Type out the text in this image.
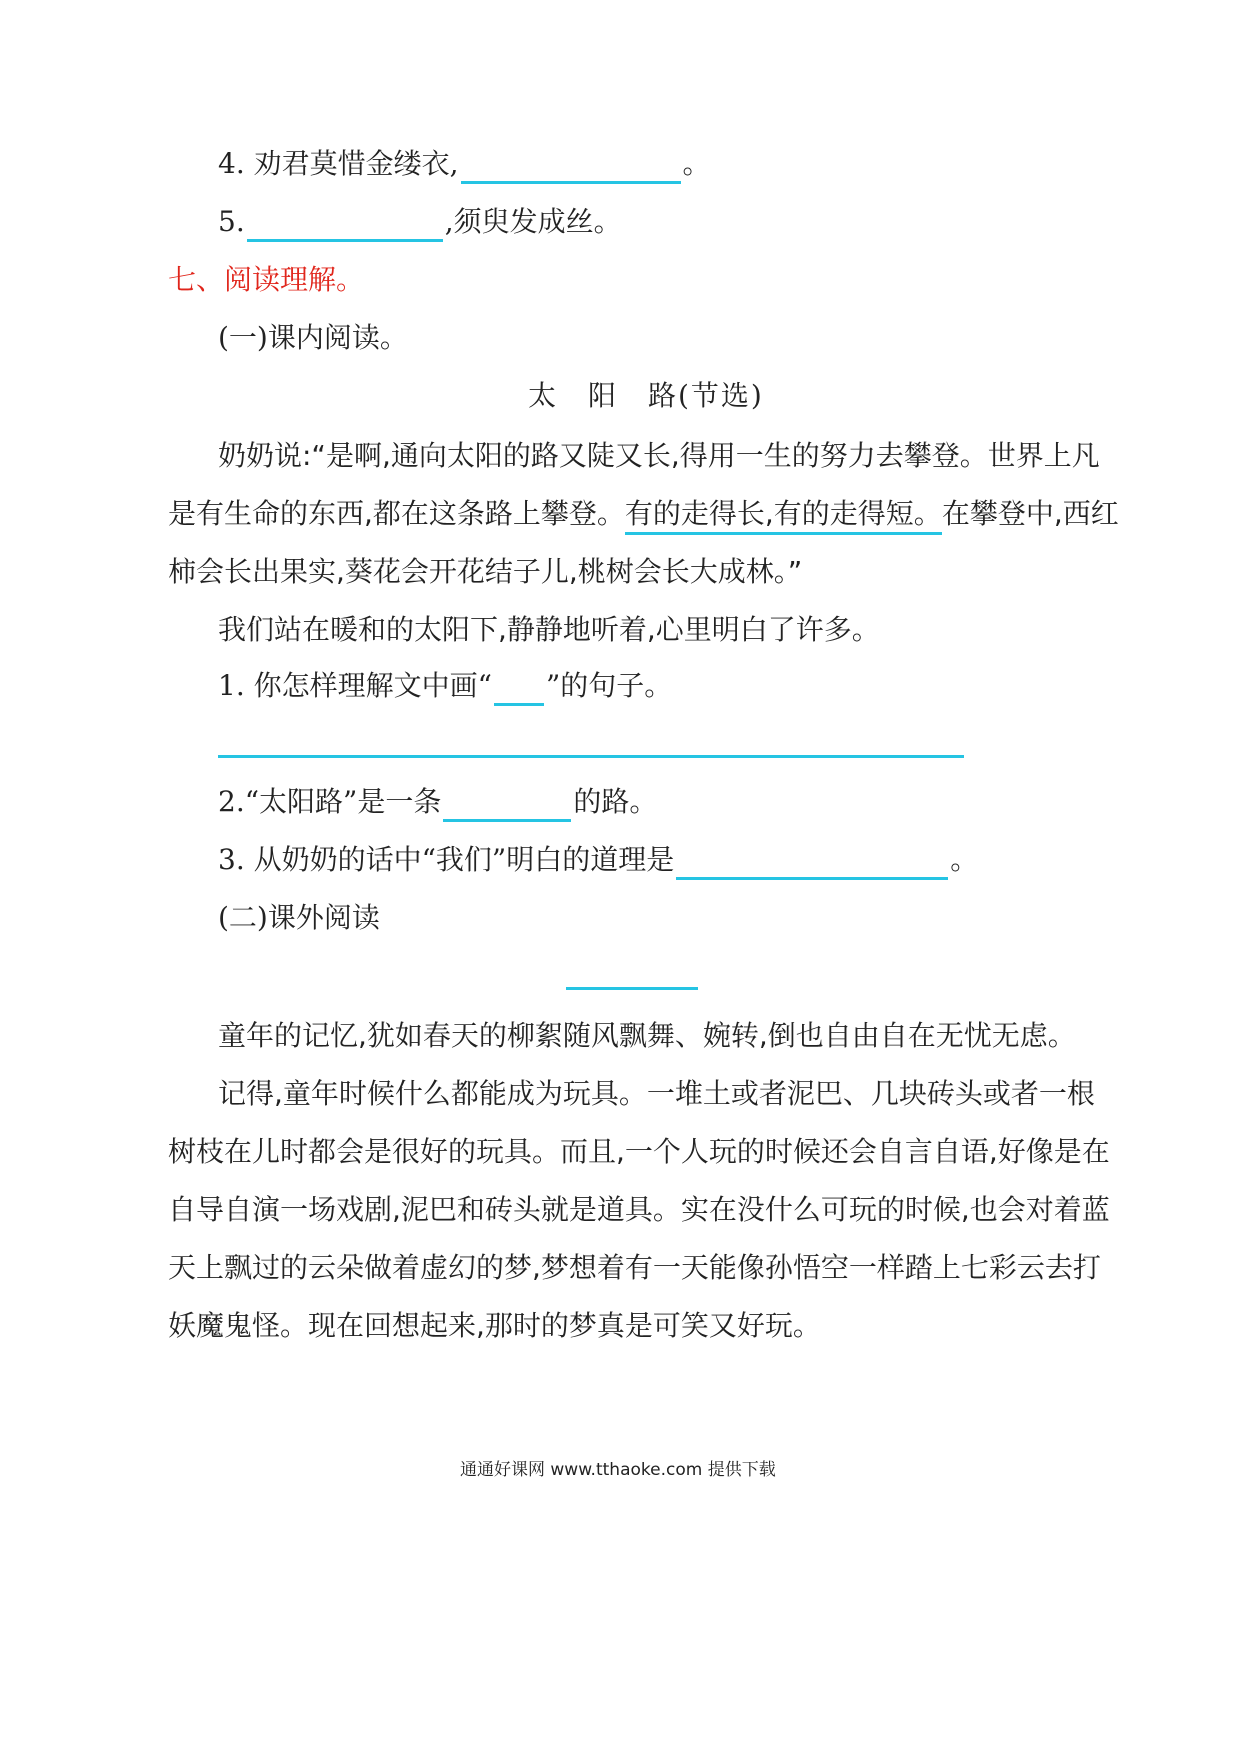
4. 劝君莫惜金缕衣,	。
5.	,须臾发成丝。
七、阅读理解。
(一)课内阅读。
太　阳　路(节选)
奶奶说:“是啊,通向太阳的路又陡又长,得用一生的努力去攀登。世界上凡
是有生命的东西,都在这条路上攀登。有的走得长,有的走得短。在攀登中,西红
柿会长出果实,葵花会开花结子儿,桃树会长大成林。”
我们站在暖和的太阳下,静静地听着,心里明白了许多。
1. 你怎样理解文中画“ ”的句子。
2.“太阳路”是一条	的路。
3. 从奶奶的话中“我们”明白的道理是	。
(二)课外阅读
童年的记忆,犹如春天的柳絮随风飘舞、婉转,倒也自由自在无忧无虑。
记得,童年时候什么都能成为玩具。一堆土或者泥巴、几块砖头或者一根
树枝在儿时都会是很好的玩具。而且,一个人玩的时候还会自言自语,好像是在
自导自演一场戏剧,泥巴和砖头就是道具。实在没什么可玩的时候,也会对着蓝
天上飘过的云朵做着虚幻的梦,梦想着有一天能像孙悟空一样踏上七彩云去打
妖魔鬼怪。现在回想起来,那时的梦真是可笑又好玩。
通通好课网 www.tthaoke.com 提供下载
